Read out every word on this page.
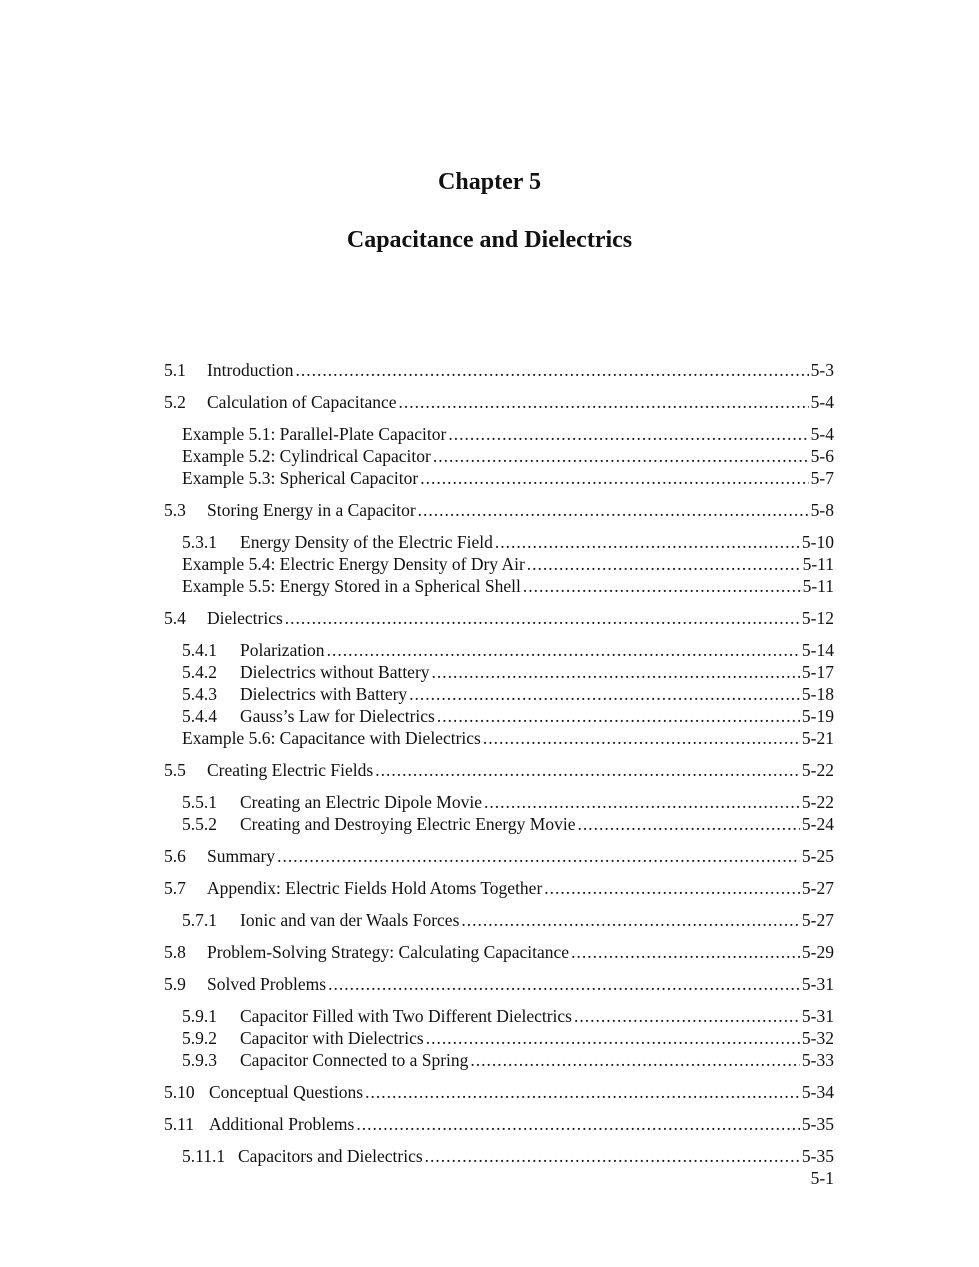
Chapter 5
Capacitance and Dielectrics
5.1	Introduction .....	5-3
5.2	Calculation of Capacitance .....	5-4
Example 5.1: Parallel-Plate Capacitor .....	5-4
Example 5.2: Cylindrical Capacitor .....	5-6
Example 5.3: Spherical Capacitor .....	5-7
5.3	Storing Energy in a Capacitor .....	5-8
5.3.1	Energy Density of the Electric Field .....	5-10
Example 5.4: Electric Energy Density of Dry Air .....	5-11
Example 5.5: Energy Stored in a Spherical Shell .....	5-11
5.4	Dielectrics .....	5-12
5.4.1	Polarization .....	5-14
5.4.2	Dielectrics without Battery .....	5-17
5.4.3	Dielectrics with Battery .....	5-18
5.4.4	Gauss’s Law for Dielectrics .....	5-19
Example 5.6: Capacitance with Dielectrics .....	5-21
5.5	Creating Electric Fields .....	5-22
5.5.1	Creating an Electric Dipole Movie .....	5-22
5.5.2	Creating and Destroying Electric Energy Movie .....	5-24
5.6	Summary .....	5-25
5.7	Appendix: Electric Fields Hold Atoms Together .....	5-27
5.7.1	Ionic and van der Waals Forces .....	5-27
5.8	Problem-Solving Strategy: Calculating Capacitance .....	5-29
5.9	Solved Problems .....	5-31
5.9.1	Capacitor Filled with Two Different Dielectrics .....	5-31
5.9.2	Capacitor with Dielectrics .....	5-32
5.9.3	Capacitor Connected to a Spring .....	5-33
5.10 Conceptual Questions .....	5-34
5.11 Additional Problems .....	5-35
5.11.1 Capacitors and Dielectrics .....	5-35
5-1
